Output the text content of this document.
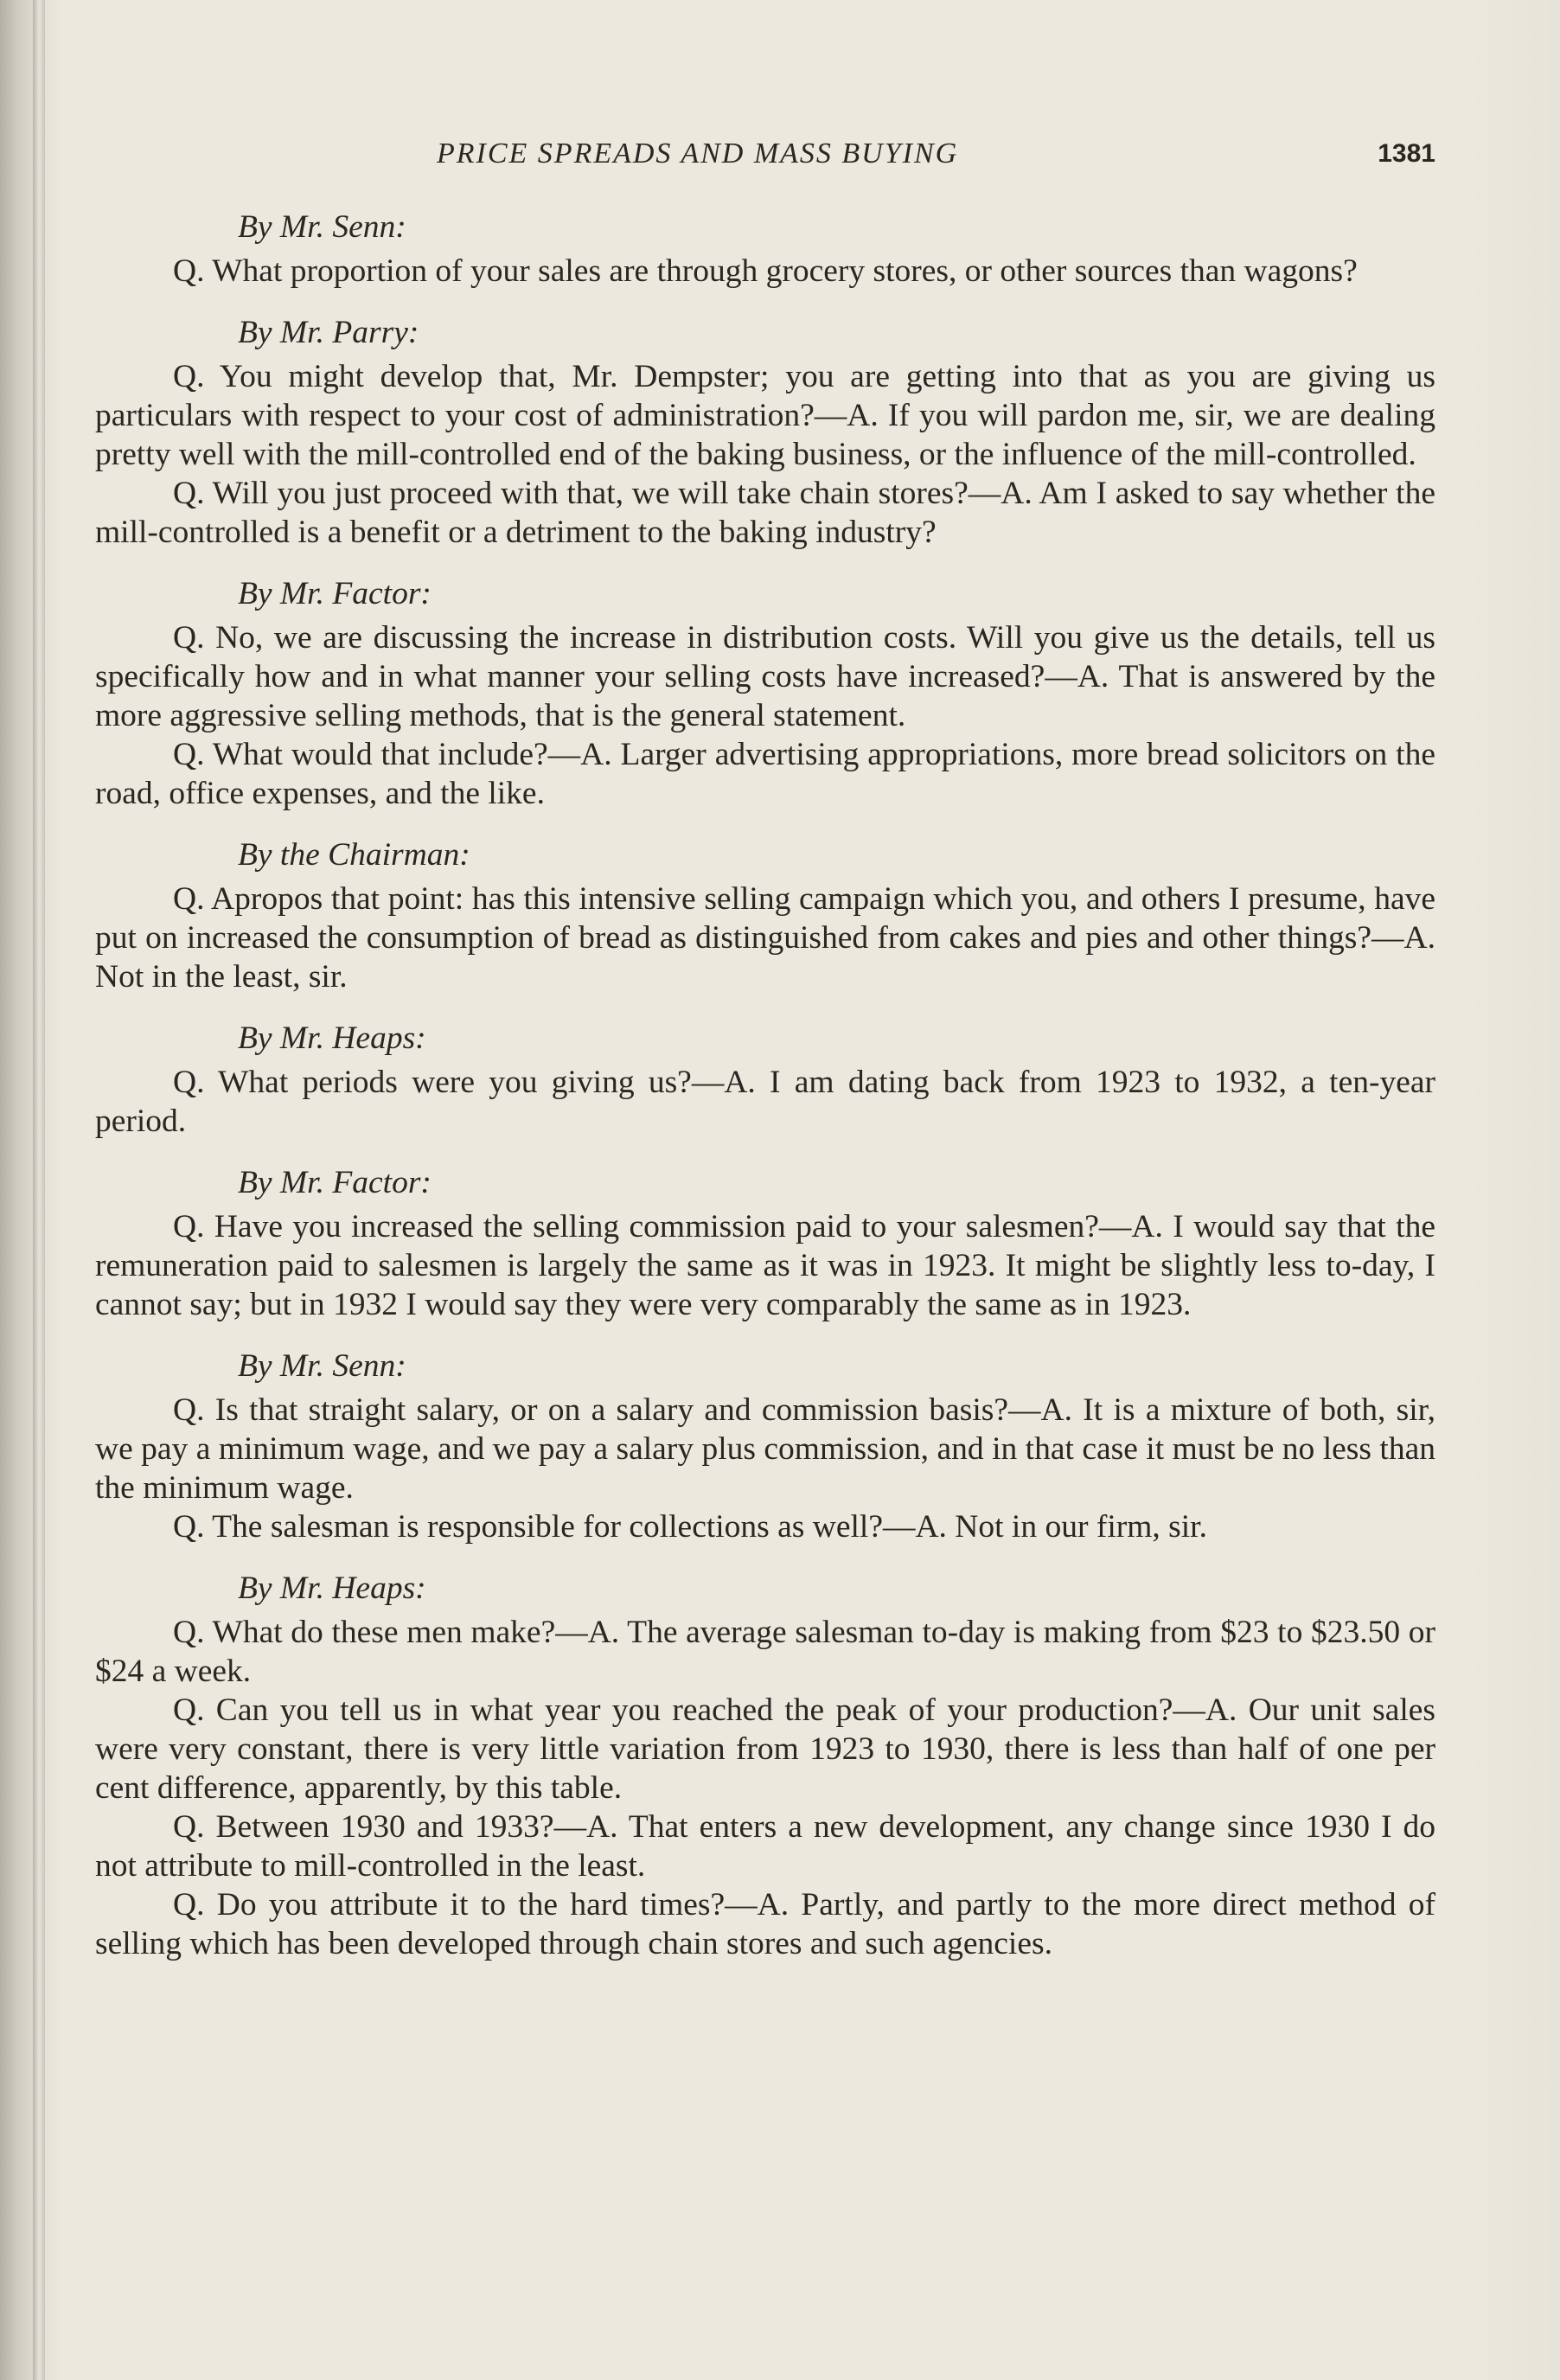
PRICE SPREADS AND MASS BUYING	1381
By Mr. Senn:

Q. What proportion of your sales are through grocery stores, or other sources than wagons?

By Mr. Parry:

Q. You might develop that, Mr. Dempster; you are getting into that as you are giving us particulars with respect to your cost of administration?—A. If you will pardon me, sir, we are dealing pretty well with the mill-controlled end of the baking business, or the influence of the mill-controlled.

Q. Will you just proceed with that, we will take chain stores?—A. Am I asked to say whether the mill-controlled is a benefit or a detriment to the baking industry?

By Mr. Factor:

Q. No, we are discussing the increase in distribution costs. Will you give us the details, tell us specifically how and in what manner your selling costs have increased?—A. That is answered by the more aggressive selling methods, that is the general statement.

Q. What would that include?—A. Larger advertising appropriations, more bread solicitors on the road, office expenses, and the like.

By the Chairman:

Q. Apropos that point: has this intensive selling campaign which you, and others I presume, have put on increased the consumption of bread as distinguished from cakes and pies and other things?—A. Not in the least, sir.

By Mr. Heaps:

Q. What periods were you giving us?—A. I am dating back from 1923 to 1932, a ten-year period.

By Mr. Factor:

Q. Have you increased the selling commission paid to your salesmen?—A. I would say that the remuneration paid to salesmen is largely the same as it was in 1923. It might be slightly less to-day, I cannot say; but in 1932 I would say they were very comparably the same as in 1923.

By Mr. Senn:

Q. Is that straight salary, or on a salary and commission basis?—A. It is a mixture of both, sir, we pay a minimum wage, and we pay a salary plus commission, and in that case it must be no less than the minimum wage.

Q. The salesman is responsible for collections as well?—A. Not in our firm, sir.

By Mr. Heaps:

Q. What do these men make?—A. The average salesman to-day is making from $23 to $23.50 or $24 a week.

Q. Can you tell us in what year you reached the peak of your production?—A. Our unit sales were very constant, there is very little variation from 1923 to 1930, there is less than half of one per cent difference, apparently, by this table.

Q. Between 1930 and 1933?—A. That enters a new development, any change since 1930 I do not attribute to mill-controlled in the least.

Q. Do you attribute it to the hard times?—A. Partly, and partly to the more direct method of selling which has been developed through chain stores and such agencies.
